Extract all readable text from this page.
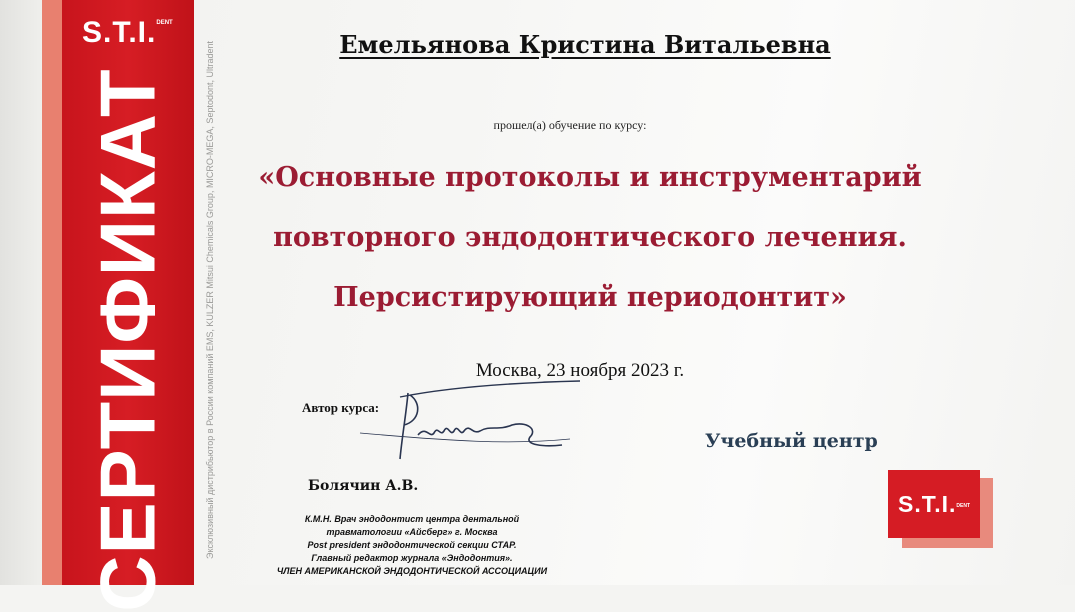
S.T.I.$^{DENT}$
СЕРТИФИКАТ	Эксклюзивный дистрибьютор в России компаний EMS, KULZER Mitsui Chemicals Group, MICRO-MEGA, Septodont, Ultradent	Емельянова Кристина Витальевна
прошел(а) обучение по курсу:
«Основные протоколы и инструментарий
повторного эндодонтического лечения.
Персистирующий периодонтит»
Москва, 23 ноября 2023 г.
Автор курса:
Болячин А.В.
К.М.Н. Врач эндодонтист центра дентальной
травматологии «Айсберг» г. Москва
Post president эндодонтической секции СТАР.
Главный редактор журнала «Эндодонтия».
ЧЛЕН АМЕРИКАНСКОЙ ЭНДОДОНТИЧЕСКОЙ АССОЦИАЦИИ
Учебный центр
S.T.I. DENT
